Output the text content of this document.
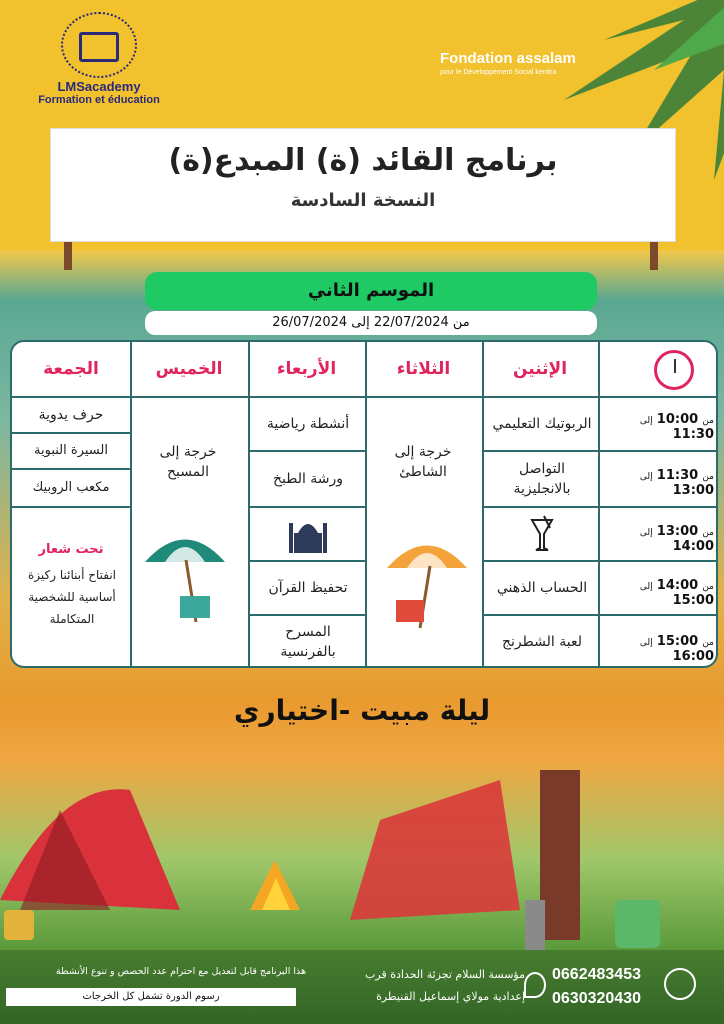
LMSacademy
Formation et éducation
Fondation assalam
pour le Développement Social kenitra
برنامج القائد (ة) المبدع(ة)
النسخة السادسة
الموسم الثاني
من 22/07/2024 إلى 26/07/2024
الإثنين
الثلاثاء
الأربعاء
الخميس
الجمعة
من 10:00 إلى 11:30
من 11:30 إلى 13:00
من 13:00 إلى 14:00
من 14:00 إلى 15:00
من 15:00 إلى 16:00
الربوتيك التعليمي
التواصل بالانجليزية
الحساب الذهني
لعبة الشطرنج
خرجة إلى الشاطئ
أنشطة رياضية
ورشة الطبخ
تحفيظ القرآن
المسرح بالفرنسية
خرجة إلى المسبح
حرف يدوية
السيرة النبوية
مكعب الروبيك
تحت شعار
انفتاح أبنائنا ركيزة أساسية للشخصية المتكاملة
ليلة مبيت -اختياري
0662483453
0630320430
مؤسسة السلام تجزئة الحدادة قرب
إعدادية مولاي إسماعيل القنيطرة
هذا البرنامج قابل لتعديل مع احترام عدد الحصص و تنوع الأنشطة
رسوم الدورة تشمل كل الخرجات
